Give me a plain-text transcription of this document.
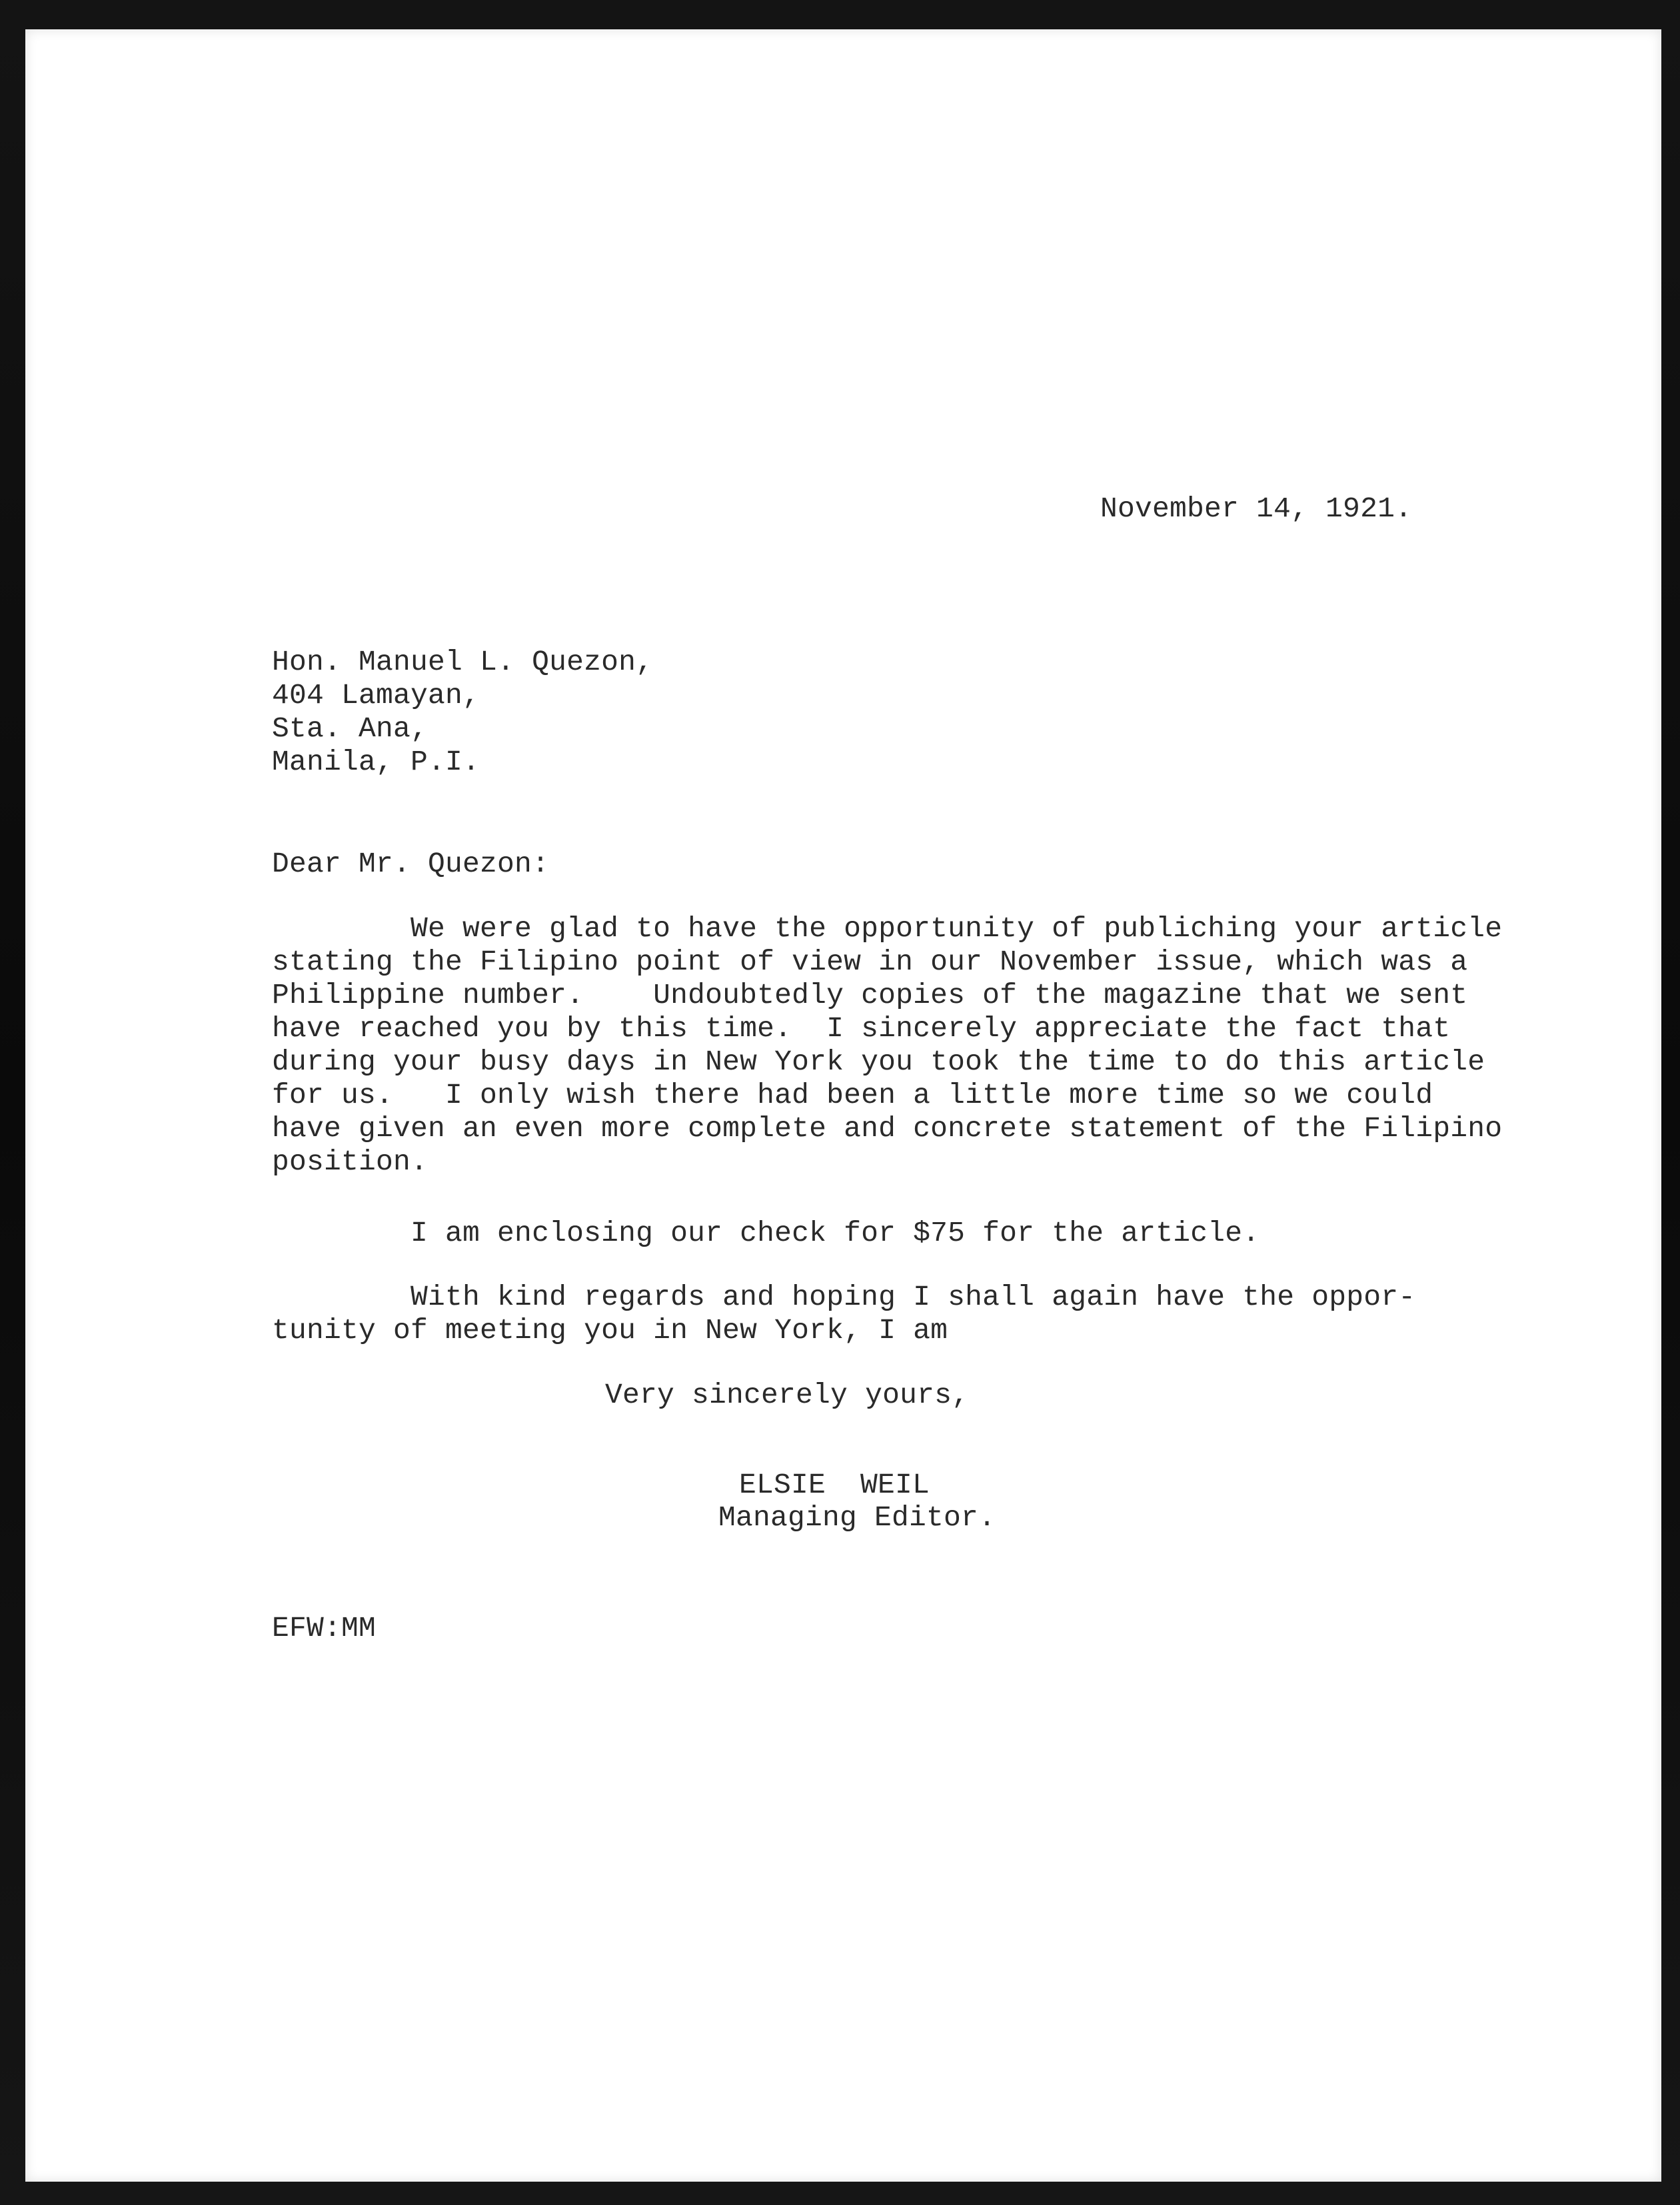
November 14, 1921.

Hon. Manuel L. Quezon,

404 Lamayan,

Sta. Ana,

Manila, P.I.

Dear Mr. Quezon:

We were glad to have the opportunity of publiching your article

stating the Filipino point of view in our November issue, which was a

Philippine number.    Undoubtedly copies of the magazine that we sent

have reached you by this time.  I sincerely appreciate the fact that

during your busy days in New York you took the time to do this article

for us.   I only wish there had been a little more time so we could

have given an even more complete and concrete statement of the Filipino

position.

I am enclosing our check for $75 for the article.

With kind regards and hoping I shall again have the oppor-

tunity of meeting you in New York, I am

Very sincerely yours,

ELSIE  WEIL

Managing Editor.

EFW:MM
